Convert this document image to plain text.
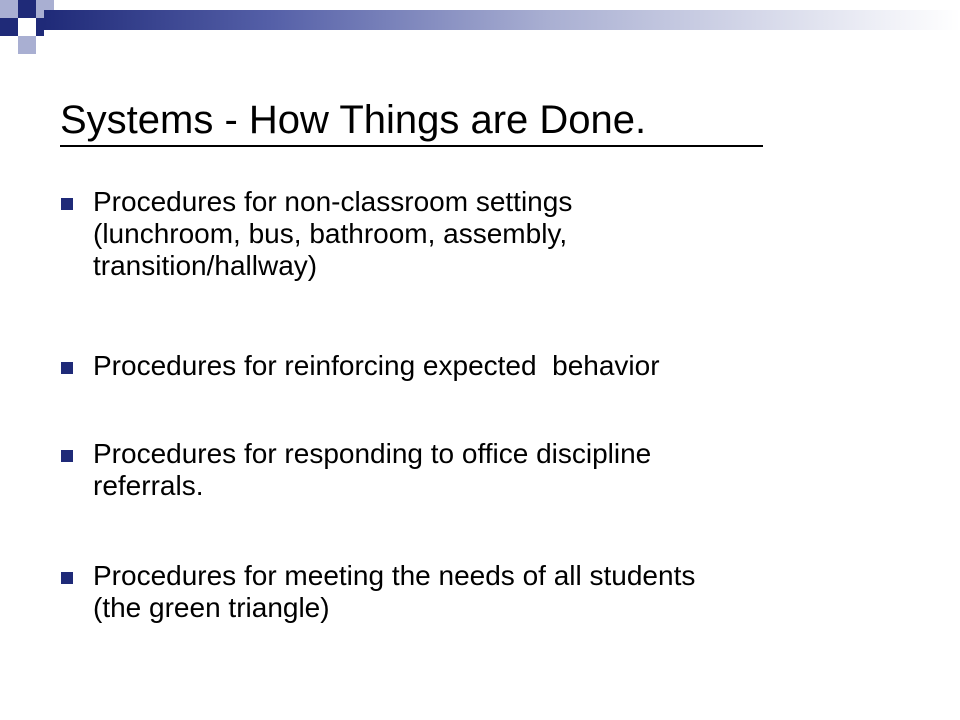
Systems - How Things are Done.
Procedures for non-classroom settings
(lunchroom, bus, bathroom, assembly,
transition/hallway)
Procedures for reinforcing expected  behavior
Procedures for responding to office discipline
referrals.
Procedures for meeting the needs of all students
(the green triangle)
